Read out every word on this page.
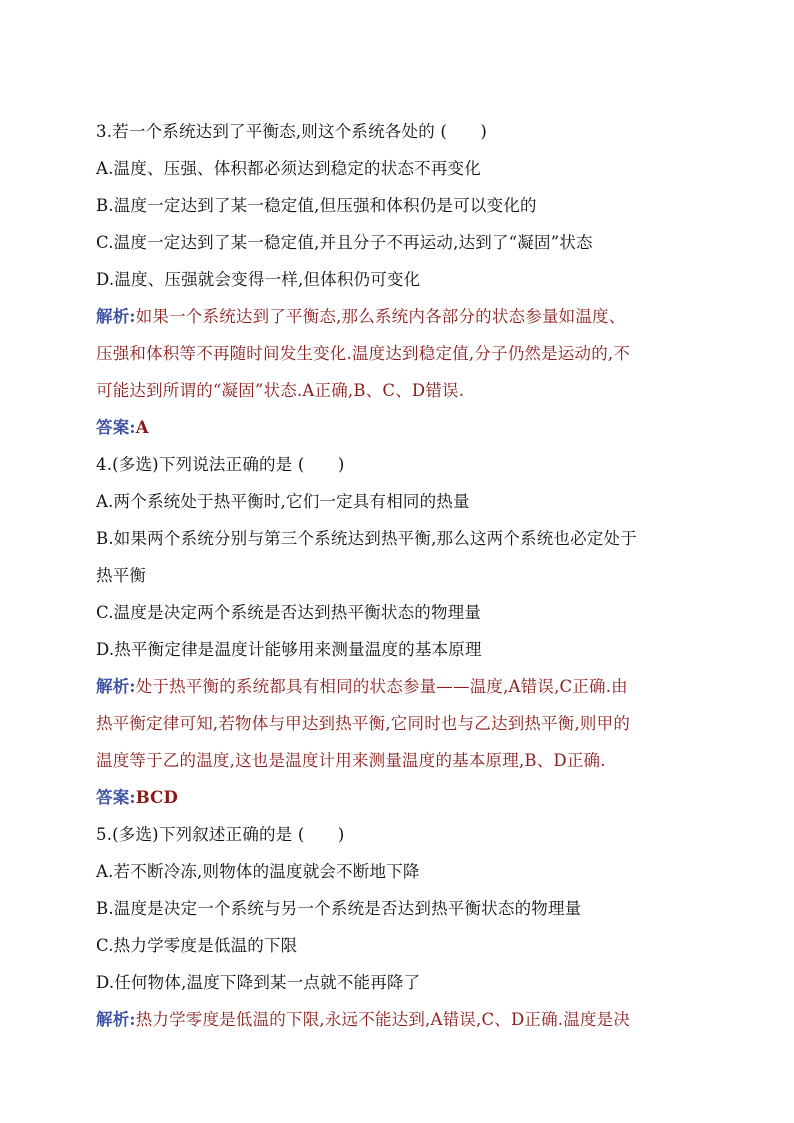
3.若一个系统达到了平衡态,则这个系统各处的 (　　)
A.温度、压强、体积都必须达到稳定的状态不再变化
B.温度一定达到了某一稳定值,但压强和体积仍是可以变化的
C.温度一定达到了某一稳定值,并且分子不再运动,达到了“凝固”状态
D.温度、压强就会变得一样,但体积仍可变化
解析:如果一个系统达到了平衡态,那么系统内各部分的状态参量如温度、
压强和体积等不再随时间发生变化.温度达到稳定值,分子仍然是运动的,不
可能达到所谓的“凝固”状态.A正确,B、C、D错误.
答案:A
4.(多选)下列说法正确的是 (　　)
A.两个系统处于热平衡时,它们一定具有相同的热量
B.如果两个系统分别与第三个系统达到热平衡,那么这两个系统也必定处于
热平衡
C.温度是决定两个系统是否达到热平衡状态的物理量
D.热平衡定律是温度计能够用来测量温度的基本原理
解析:处于热平衡的系统都具有相同的状态参量——温度,A错误,C正确.由
热平衡定律可知,若物体与甲达到热平衡,它同时也与乙达到热平衡,则甲的
温度等于乙的温度,这也是温度计用来测量温度的基本原理,B、D正确.
答案:BCD
5.(多选)下列叙述正确的是 (　　)
A.若不断冷冻,则物体的温度就会不断地下降
B.温度是决定一个系统与另一个系统是否达到热平衡状态的物理量
C.热力学零度是低温的下限
D.任何物体,温度下降到某一点就不能再降了
解析:热力学零度是低温的下限,永远不能达到,A错误,C、D正确.温度是决
